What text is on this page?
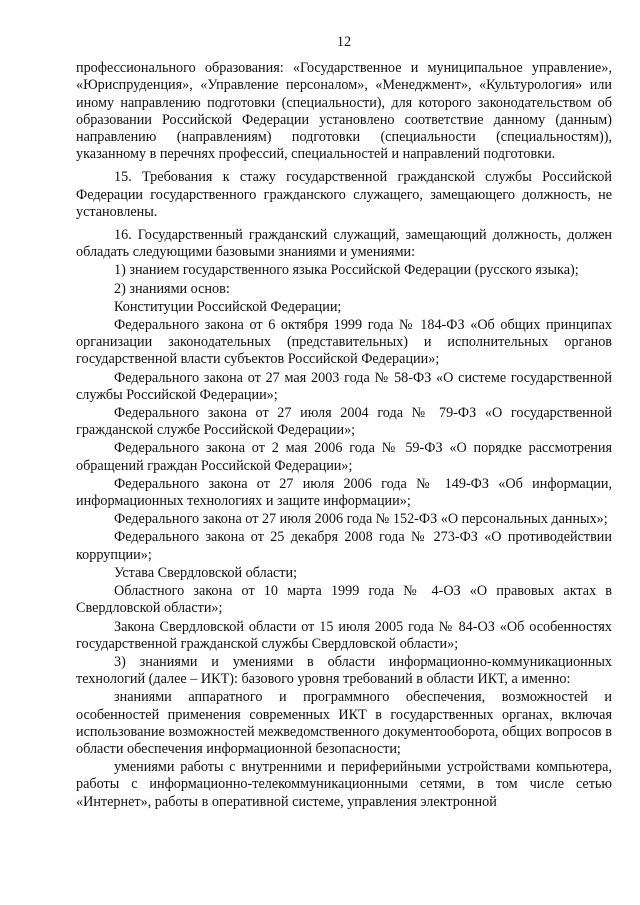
12

профессионального образования: «Государственное и муниципальное управление», «Юриспруденция», «Управление персоналом», «Менеджмент», «Культурология» или иному направлению подготовки (специальности), для которого законодательством об образовании Российской Федерации установлено соответствие данному (данным) направлению (направлениям) подготовки (специальности (специальностям)), указанному в перечнях профессий, специальностей и направлений подготовки.

15. Требования к стажу государственной гражданской службы Российской Федерации государственного гражданского служащего, замещающего должность, не установлены.

16. Государственный гражданский служащий, замещающий должность, должен обладать следующими базовыми знаниями и умениями:

1) знанием государственного языка Российской Федерации (русского языка);

2) знаниями основ:

Конституции Российской Федерации;

Федерального закона от 6 октября 1999 года № 184-ФЗ «Об общих принципах организации законодательных (представительных) и исполнительных органов государственной власти субъектов Российской Федерации»;

Федерального закона от 27 мая 2003 года № 58-ФЗ «О системе государственной службы Российской Федерации»;

Федерального закона от 27 июля 2004 года № 79-ФЗ «О государственной гражданской службе Российской Федерации»;

Федерального закона от 2 мая 2006 года № 59-ФЗ «О порядке рассмотрения обращений граждан Российской Федерации»;

Федерального закона от 27 июля 2006 года № 149-ФЗ «Об информации, информационных технологиях и защите информации»;

Федерального закона от 27 июля 2006 года № 152-ФЗ «О персональных данных»;

Федерального закона от 25 декабря 2008 года № 273-ФЗ «О противодействии коррупции»;

Устава Свердловской области;

Областного закона от 10 марта 1999 года № 4-ОЗ «О правовых актах в Свердловской области»;

Закона Свердловской области от 15 июля 2005 года № 84-ОЗ «Об особенностях государственной гражданской службы Свердловской области»;

3) знаниями и умениями в области информационно-коммуникационных технологий (далее – ИКТ): базового уровня требований в области ИКТ, а именно:

знаниями аппаратного и программного обеспечения, возможностей и особенностей применения современных ИКТ в государственных органах, включая использование возможностей межведомственного документооборота, общих вопросов в области обеспечения информационной безопасности;

умениями работы с внутренними и периферийными устройствами компьютера, работы с информационно-телекоммуникационными сетями, в том числе сетью «Интернет», работы в оперативной системе, управления электронной
